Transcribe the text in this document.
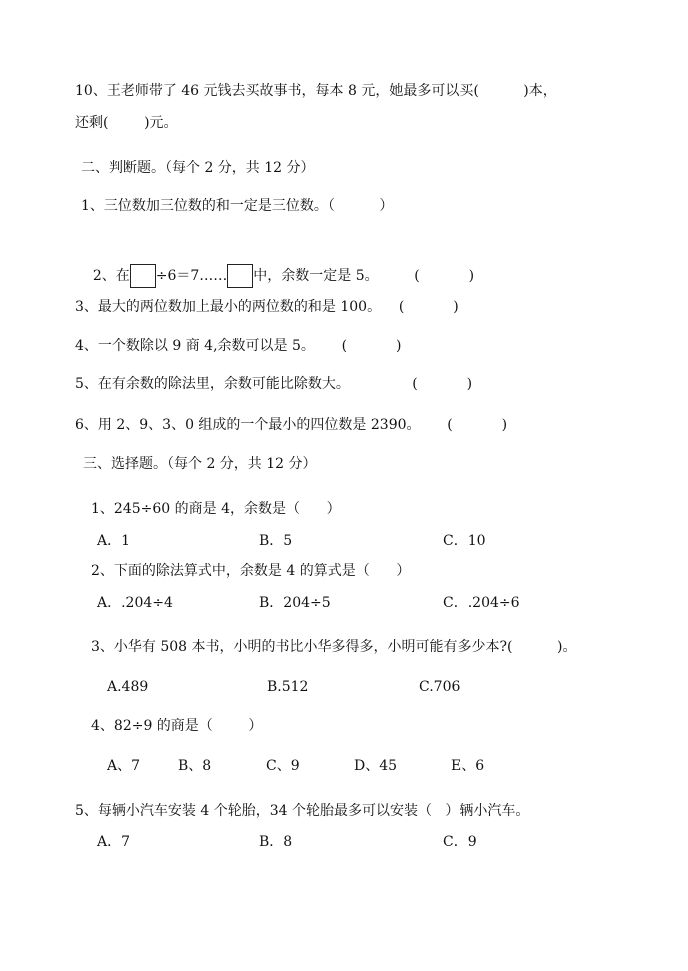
10、王老师带了 46 元钱去买故事书，每本 8 元，她最多可以买(          )本，
还剩(        )元。
二、判断题。（每个 2 分，共 12 分）
1、三位数加三位数的和一定是三位数。（          ）

2、在 ÷6＝7…… 中，余数一定是 5。        (           )

3、最大的两位数加上最小的两位数的和是 100。    (           )
4、一个数除以 9 商 4,余数可以是 5。      (           )
5、在有余数的除法里，余数可能比除数大。              (           )
6、用 2、9、3、0 组成的一个最小的四位数是 2390。      (           )
三、选择题。（每个 2 分，共 12 分）
1、245÷60 的商是 4，余数是（      ）
A．1	B．5	C．10
2、下面的除法算式中，余数是 4 的算式是（      ）
A．.204÷4	B．204÷5	C．.204÷6
3、小华有 508 本书，小明的书比小华多得多，小明可能有多少本?(          )。
A.489	B.512	C.706
4、82÷9 的商是（        ）
A、7	B、8	C、9	D、45	E、6
5、每辆小汽车安装 4 个轮胎，34 个轮胎最多可以安装（   ）辆小汽车。
A．7	B．8	C．9
